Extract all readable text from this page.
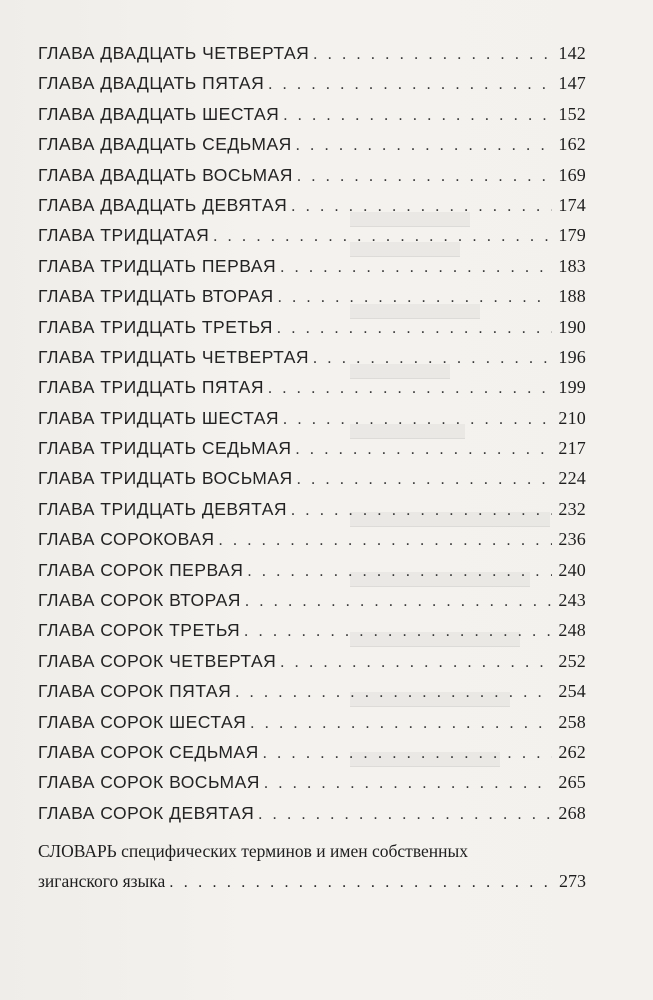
ГЛАВА ДВАДЦАТЬ ЧЕТВЕРТАЯ . . .	142
ГЛАВА ДВАДЦАТЬ ПЯТАЯ . . .	147
ГЛАВА ДВАДЦАТЬ ШЕСТАЯ . . .	152
ГЛАВА ДВАДЦАТЬ СЕДЬМАЯ . . .	162
ГЛАВА ДВАДЦАТЬ ВОСЬМАЯ . . .	169
ГЛАВА ДВАДЦАТЬ ДЕВЯТАЯ . . .	174
ГЛАВА ТРИДЦАТАЯ . . .	179
ГЛАВА ТРИДЦАТЬ ПЕРВАЯ . . .	183
ГЛАВА ТРИДЦАТЬ ВТОРАЯ . . .	188
ГЛАВА ТРИДЦАТЬ ТРЕТЬЯ . . .	190
ГЛАВА ТРИДЦАТЬ ЧЕТВЕРТАЯ . . .	196
ГЛАВА ТРИДЦАТЬ ПЯТАЯ . . .	199
ГЛАВА ТРИДЦАТЬ ШЕСТАЯ . . .	210
ГЛАВА ТРИДЦАТЬ СЕДЬМАЯ . . .	217
ГЛАВА ТРИДЦАТЬ ВОСЬМАЯ . . .	224
ГЛАВА ТРИДЦАТЬ ДЕВЯТАЯ . . .	232
ГЛАВА СОРОКОВАЯ . . .	236
ГЛАВА СОРОК ПЕРВАЯ . . .	240
ГЛАВА СОРОК ВТОРАЯ . . .	243
ГЛАВА СОРОК ТРЕТЬЯ . . .	248
ГЛАВА СОРОК ЧЕТВЕРТАЯ . . .	252
ГЛАВА СОРОК ПЯТАЯ . . .	254
ГЛАВА СОРОК ШЕСТАЯ . . .	258
ГЛАВА СОРОК СЕДЬМАЯ . . .	262
ГЛАВА СОРОК ВОСЬМАЯ . . .	265
ГЛАВА СОРОК ДЕВЯТАЯ . . .	268
СЛОВАРЬ специфических терминов и имен собственных
зиганского языка . . .	273
